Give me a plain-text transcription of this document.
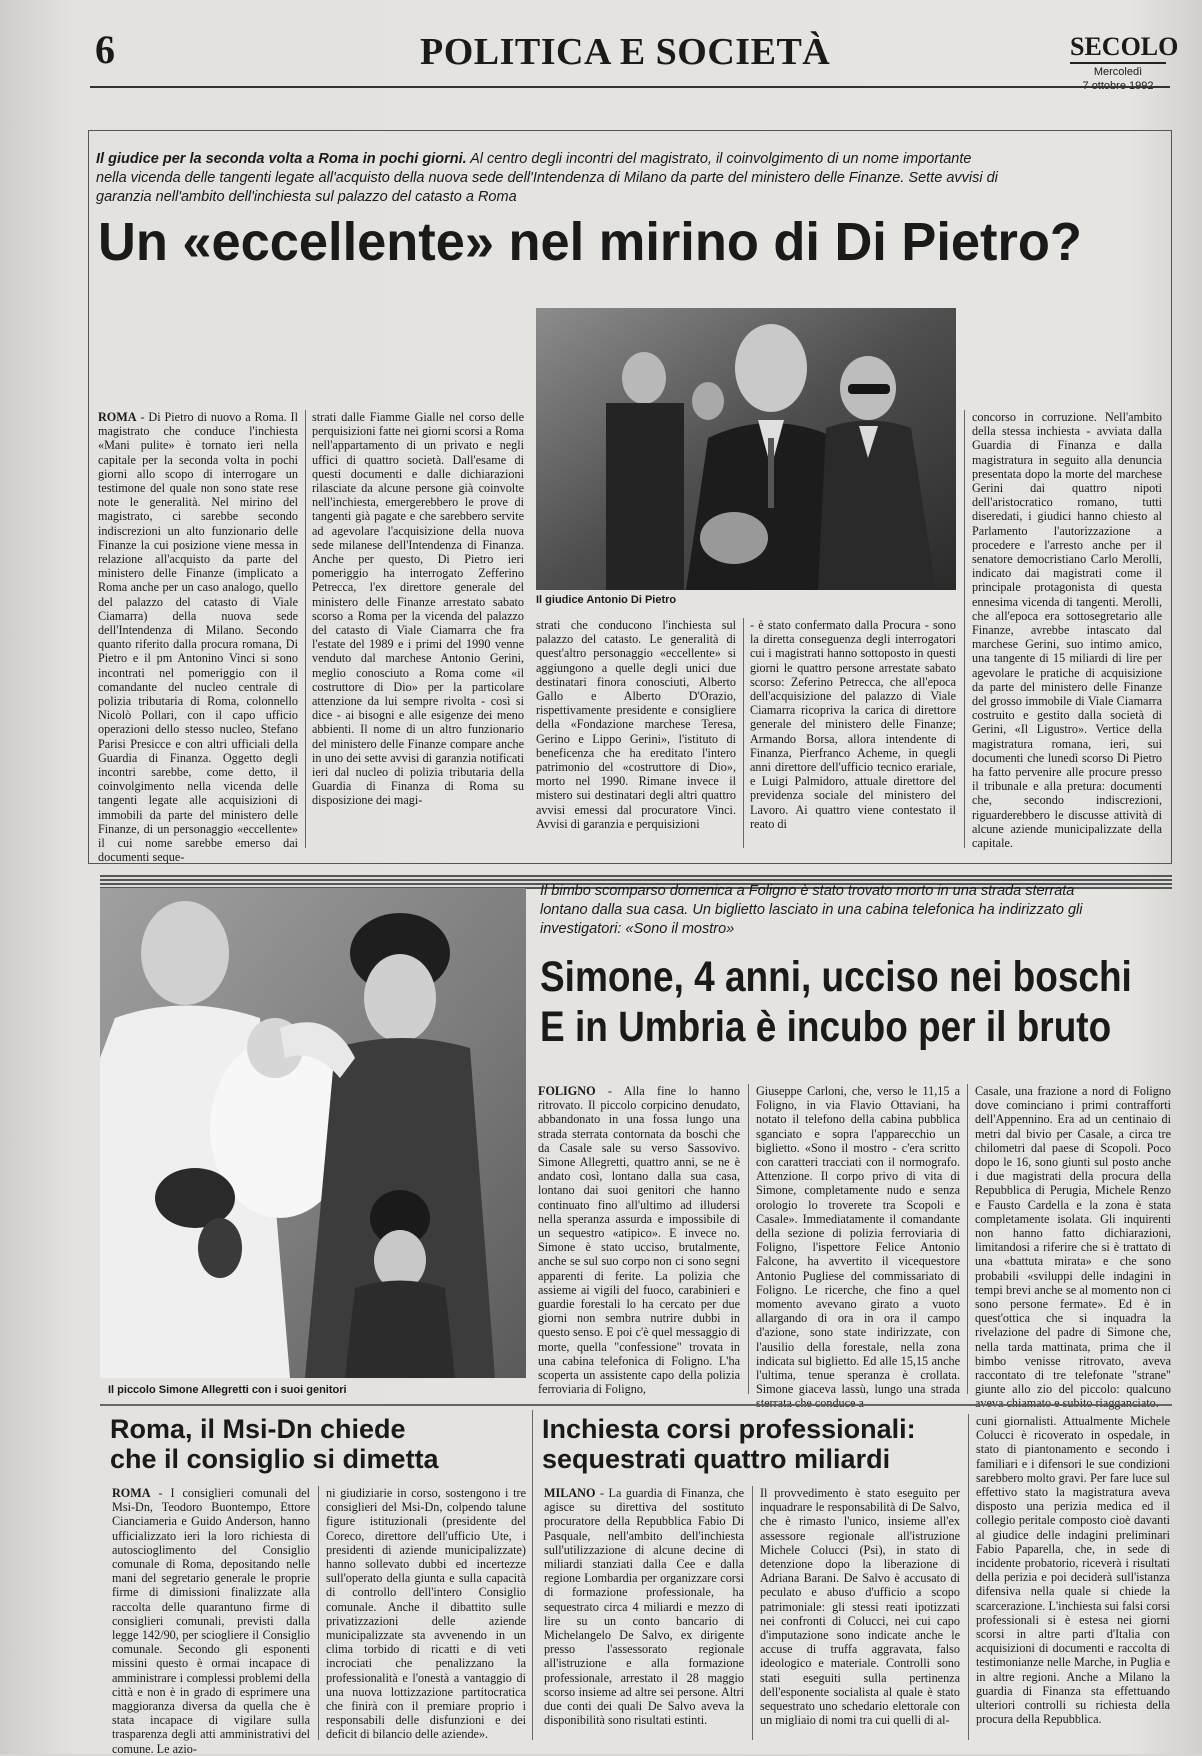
6	POLITICA E SOCIETÀ	SECOLO
Mercoledì
7 ottobre 1992
Il giudice per la seconda volta a Roma in pochi giorni. Al centro degli incontri del magistrato, il coinvolgimento di un nome importante nella vicenda delle tangenti legate all'acquisto della nuova sede dell'Intendenza di Milano da parte del ministero delle Finanze. Sette avvisi di garanzia nell'ambito dell'inchiesta sul palazzo del catasto a Roma
Un «eccellente» nel mirino di Di Pietro?
Il giudice Antonio Di Pietro
ROMA - Di Pietro di nuovo a Roma. Il magistrato che conduce l'inchiesta «Mani pulite» è tornato ieri nella capitale per la seconda volta in pochi giorni allo scopo di interrogare un testimone del quale non sono state rese note le generalità. Nel mirino del magistrato, ci sarebbe secondo indiscrezioni un alto funzionario delle Finanze la cui posizione viene messa in relazione all'acquisto da parte del ministero delle Finanze (implicato a Roma anche per un caso analogo, quello del palazzo del catasto di Viale Ciamarra) della nuova sede dell'Intendenza di Milano. Secondo quanto riferito dalla procura romana, Di Pietro e il pm Antonino Vinci si sono incontrati nel pomeriggio con il comandante del nucleo centrale di polizia tributaria di Roma, colonnello Nicolò Pollari, con il capo ufficio operazioni dello stesso nucleo, Stefano Parisi Presicce e con altri ufficiali della Guardia di Finanza. Oggetto degli incontri sarebbe, come detto, il coinvolgimento nella vicenda delle tangenti legate alle acquisizioni di immobili da parte del ministero delle Finanze, di un personaggio «eccellente» il cui nome sarebbe emerso dai documenti seque-
strati dalle Fiamme Gialle nel corso delle perquisizioni fatte nei giorni scorsi a Roma nell'appartamento di un privato e negli uffici di quattro società. Dall'esame di questi documenti e dalle dichiarazioni rilasciate da alcune persone già coinvolte nell'inchiesta, emergerebbero le prove di tangenti già pagate e che sarebbero servite ad agevolare l'acquisizione della nuova sede milanese dell'Intendenza di Finanza. Anche per questo, Di Pietro ieri pomeriggio ha interrogato Zefferino Petrecca, l'ex direttore generale del ministero delle Finanze arrestato sabato scorso a Roma per la vicenda del palazzo del catasto di Viale Ciamarra che fra l'estate del 1989 e i primi del 1990 venne venduto dal marchese Antonio Gerini, meglio conosciuto a Roma come «il costruttore di Dio» per la particolare attenzione da lui sempre rivolta - così si dice - ai bisogni e alle esigenze dei meno abbienti. Il nome di un altro funzionario del ministero delle Finanze compare anche in uno dei sette avvisi di garanzia notificati ieri dal nucleo di polizia tributaria della Guardia di Finanza di Roma su disposizione dei magi-
strati che conducono l'inchiesta sul palazzo del catasto. Le generalità di quest'altro personaggio «eccellente» si aggiungono a quelle degli unici due destinatari finora conosciuti, Alberto Gallo e Alberto D'Orazio, rispettivamente presidente e consigliere della «Fondazione marchese Teresa, Gerino e Lippo Gerini», l'istituto di beneficenza che ha ereditato l'intero patrimonio del «costruttore di Dio», morto nel 1990. Rimane invece il mistero sui destinatari degli altri quattro avvisi emessi dal procuratore Vinci. Avvisi di garanzia e perquisizioni
- è stato confermato dalla Procura - sono la diretta conseguenza degli interrogatori cui i magistrati hanno sottoposto in questi giorni le quattro persone arrestate sabato scorso: Zeferino Petrecca, che all'epoca dell'acquisizione del palazzo di Viale Ciamarra ricopriva la carica di direttore generale del ministero delle Finanze; Armando Borsa, allora intendente di Finanza, Pierfranco Acheme, in quegli anni direttore dell'ufficio tecnico erariale, e Luigi Palmidoro, attuale direttore del previdenza sociale del ministero del Lavoro. Ai quattro viene contestato il reato di
concorso in corruzione. Nell'ambito della stessa inchiesta - avviata dalla Guardia di Finanza e dalla magistratura in seguito alla denuncia presentata dopo la morte del marchese Gerini dai quattro nipoti dell'aristocratico romano, tutti diseredati, i giudici hanno chiesto al Parlamento l'autorizzazione a procedere e l'arresto anche per il senatore democristiano Carlo Merolli, indicato dai magistrati come il principale protagonista di questa ennesima vicenda di tangenti. Merolli, che all'epoca era sottosegretario alle Finanze, avrebbe intascato dal marchese Gerini, suo intimo amico, una tangente di 15 miliardi di lire per agevolare le pratiche di acquisizione da parte del ministero delle Finanze del grosso immobile di Viale Ciamarra costruito e gestito dalla società di Gerini, «Il Ligustro». Vertice della magistratura romana, ieri, sui documenti che lunedì scorso Di Pietro ha fatto pervenire alle procure presso il tribunale e alla pretura: documenti che, secondo indiscrezioni, riguarderebbero le discusse attività di alcune aziende municipalizzate della capitale.
Il piccolo Simone Allegretti con i suoi genitori
Il bimbo scomparso domenica a Foligno è stato trovato morto in una strada sterrata lontano dalla sua casa. Un biglietto lasciato in una cabina telefonica ha indirizzato gli investigatori: «Sono il mostro»
Simone, 4 anni, ucciso nei boschi
E in Umbria è incubo per il bruto
FOLIGNO - Alla fine lo hanno ritrovato. Il piccolo corpicino denudato, abbandonato in una fossa lungo una strada sterrata contornata da boschi che da Casale sale su verso Sassovivo. Simone Allegretti, quattro anni, se ne è andato così, lontano dalla sua casa, lontano dai suoi genitori che hanno continuato fino all'ultimo ad illudersi nella speranza assurda e impossibile di un sequestro «atipico». E invece no. Simone è stato ucciso, brutalmente, anche se sul suo corpo non ci sono segni apparenti di ferite. La polizia che assieme ai vigili del fuoco, carabinieri e guardie forestali lo ha cercato per due giorni non sembra nutrire dubbi in questo senso. E poi c'è quel messaggio di morte, quella "confessione" trovata in una cabina telefonica di Foligno. L'ha scoperta un assistente capo della polizia ferroviaria di Foligno,
Giuseppe Carloni, che, verso le 11,15 a Foligno, in via Flavio Ottaviani, ha notato il telefono della cabina pubblica sganciato e sopra l'apparecchio un biglietto. «Sono il mostro - c'era scritto con caratteri tracciati con il normografo. Attenzione. Il corpo privo di vita di Simone, completamente nudo e senza orologio lo troverete tra Scopoli e Casale». Immediatamente il comandante della sezione di polizia ferroviaria di Foligno, l'ispettore Felice Antonio Falcone, ha avvertito il vicequestore Antonio Pugliese del commissariato di Foligno. Le ricerche, che fino a quel momento avevano girato a vuoto allargando di ora in ora il campo d'azione, sono state indirizzate, con l'ausilio della forestale, nella zona indicata sul biglietto. Ed alle 15,15 anche l'ultima, tenue speranza è crollata. Simone giaceva lassù, lungo una strada
Casale, una frazione a nord di Foligno dove cominciano i primi contrafforti dell'Appennino. Era ad un centinaio di metri dal bivio per Casale, a circa tre chilometri dal paese di Scopoli. Poco dopo le 16, sono giunti sul posto anche i due magistrati della procura della Repubblica di Perugia, Michele Renzo e Fausto Cardella e la zona è stata completamente isolata. Gli inquirenti non hanno fatto dichiarazioni, limitandosi a riferire che si è trattato di una «battuta mirata» e che sono probabili «sviluppi delle indagini in tempi brevi anche se al momento non ci sono persone fermate». Ed è in quest'ottica che si inquadra la rivelazione del padre di Simone che, nella tarda mattinata, prima che il bimbo venisse ritrovato, aveva raccontato di tre telefonate "strane" giunte allo zio del piccolo: qualcuno
Roma, il Msi-Dn chiede
che il consiglio si dimetta
ROMA - I consiglieri comunali del Msi-Dn, Teodoro Buontempo, Ettore Cianciameria e Guido Anderson, hanno ufficializzato ieri la loro richiesta di autoscioglimento del Consiglio comunale di Roma, depositando nelle mani del segretario generale le proprie firme di dimissioni finalizzate alla raccolta delle quarantuno firme di consiglieri comunali, previsti dalla legge 142/90, per sciogliere il Consiglio comunale. Secondo gli esponenti missini questo è ormai incapace di amministrare i complessi problemi della città e non è in grado di esprimere una maggioranza diversa da quella che è stata incapace di vigilare sulla trasparenza degli atti amministrativi del comune. Le azio-
ni giudiziarie in corso, sostengono i tre consiglieri del Msi-Dn, colpendo talune figure istituzionali (presidente del Coreco, direttore dell'ufficio Ute, i presidenti di aziende municipalizzate) hanno sollevato dubbi ed incertezze sull'operato della giunta e sulla capacità di controllo dell'intero Consiglio comunale. Anche il dibattito sulle privatizzazioni delle aziende municipalizzate sta avvenendo in un clima torbido di ricatti e di veti incrociati che penalizzano la professionalità e l'onestà a vantaggio di una nuova lottizzazione partitocratica che finirà con il premiare proprio i responsabili delle disfunzioni e dei deficit di bilancio delle aziende».
Inchiesta corsi professionali:
sequestrati quattro miliardi
MILANO - La guardia di Finanza, che agisce su direttiva del sostituto procuratore della Repubblica Fabio Di Pasquale, nell'ambito dell'inchiesta sull'utilizzazione di alcune decine di miliardi stanziati dalla Cee e dalla regione Lombardia per organizzare corsi di formazione professionale, ha sequestrato circa 4 miliardi e mezzo di lire su un conto bancario di Michelangelo De Salvo, ex dirigente presso l'assessorato regionale all'istruzione e alla formazione professionale, arrestato il 28 maggio scorso insieme ad altre sei persone. Altri due conti dei quali De Salvo aveva la disponibilità sono risultati estinti.
Il provvedimento è stato eseguito per inquadrare le responsabilità di De Salvo, che è rimasto l'unico, insieme all'ex assessore regionale all'istruzione Michele Colucci (Psi), in stato di detenzione dopo la liberazione di Adriana Barani. De Salvo è accusato di peculato e abuso d'ufficio a scopo patrimoniale: gli stessi reati ipotizzati nei confronti di Colucci, nei cui capo d'imputazione sono indicate anche le accuse di truffa aggravata, falso ideologico e materiale. Controlli sono stati eseguiti sulla pertinenza dell'esponente socialista al quale è stato sequestrato uno schedario elettorale con un migliaio di nomi tra cui quelli di al-
cuni giornalisti. Attualmente Michele Colucci è ricoverato in ospedale, in stato di piantonamento e secondo i familiari e i difensori le sue condizioni sarebbero molto gravi. Per fare luce sul effettivo stato la magistratura aveva disposto una perizia medica ed il collegio peritale composto cioè davanti al giudice delle indagini preliminari Fabio Paparella, che, in sede di incidente probatorio, riceverà i risultati della perizia e poi deciderà sull'istanza difensiva nella quale si chiede la scarcerazione. L'inchiesta sui falsi corsi professionali si è estesa nei giorni scorsi in altre parti d'Italia con acquisizioni di documenti e raccolta di testimonianze nelle Marche, in Puglia e in altre regioni. Anche a Milano la guardia di Finanza sta effettuando ulteriori controlli su richiesta della procura della Repubblica.
